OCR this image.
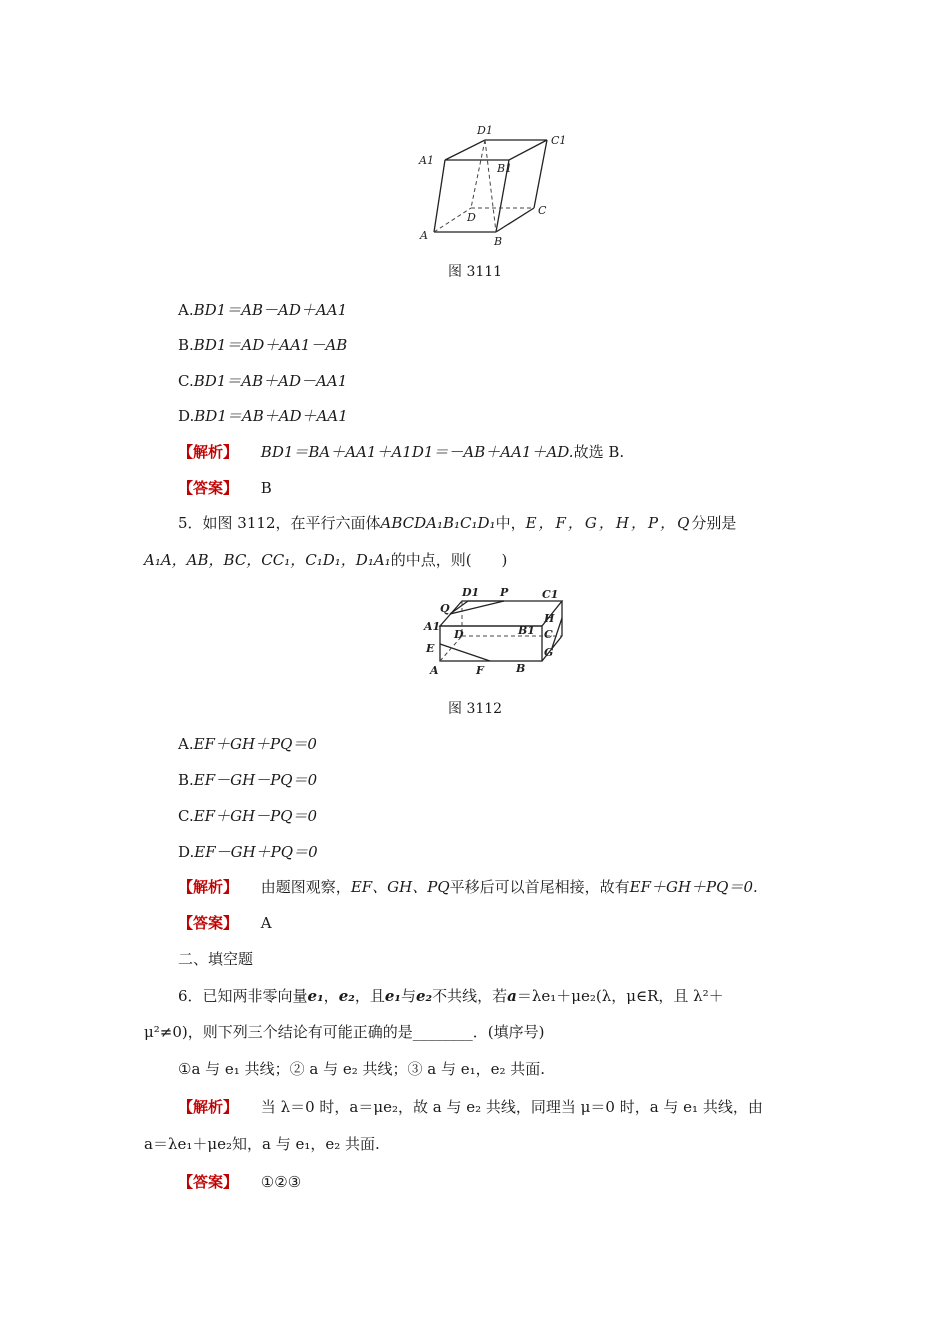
D1
C1
A1
B1
D
C
A	B
图 3111
A.BD1＝AB－AD＋AA1
B.BD1＝AD＋AA1－AB
C.BD1＝AB＋AD－AA1
D.BD1＝AB＋AD＋AA1
【解析】 BD1＝BA＋AA1＋A1D1＝－AB＋AA1＋AD.故选 B.
【答案】 B
5．如图 3112，在平行六面体ABCDA₁B₁C₁D₁中，E，F，G，H，P，Q分别是
A₁A，AB，BC，CC₁，C₁D₁，D₁A₁的中点，则(　　)
D1 P	C1
Q
H
A1
D	B1 C
E	G
A	F	B
图 3112
A.EF＋GH＋PQ＝0
B.EF－GH－PQ＝0
C.EF＋GH－PQ＝0
D.EF－GH＋PQ＝0
【解析】 由题图观察，EF、GH、PQ平移后可以首尾相接，故有EF＋GH＋PQ＝0.
【答案】 A
二、填空题
6．已知两非零向量e₁，e₂，且e₁与e₂不共线，若a＝λe₁＋μe₂(λ，μ∈R，且 λ²＋
μ²≠0)，则下列三个结论有可能正确的是________．(填序号)
①a 与 e₁ 共线；② a 与 e₂ 共线；③ a 与 e₁，e₂ 共面.
【解析】 当 λ＝0 时，a＝μe₂，故 a 与 e₂ 共线，同理当 μ＝0 时，a 与 e₁ 共线，由
a＝λe₁＋μe₂知，a 与 e₁，e₂ 共面.
【答案】 ①②③
